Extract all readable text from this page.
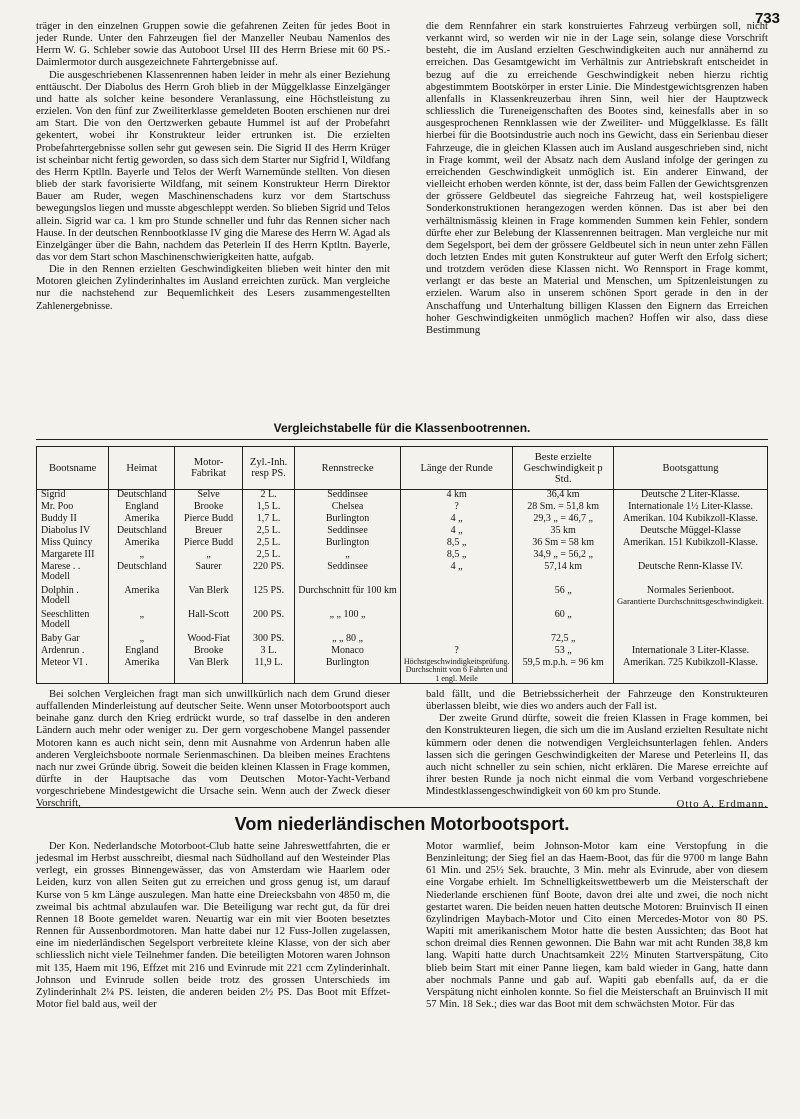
733

träger in den einzelnen Gruppen sowie die gefahrenen Zeiten für jedes Boot in jeder Runde. Unter den Fahrzeugen fiel der Manzeller Neubau Namenlos des Herrn W. G. Schleber sowie das Autoboot Ursel III des Herrn Briese mit 60 PS.-Daimlermotor durch ausgezeichnete Fahrtergebnisse auf.

Die ausgeschriebenen Klassenrennen haben leider in mehr als einer Beziehung enttäuscht. Der Diabolus des Herrn Groh blieb in der Müggelklasse Einzelgänger und hatte als solcher keine besondere Veranlassung, eine Höchstleistung zu erzielen. Von den fünf zur Zweiliterklasse gemeldeten Booten erschienen nur drei am Start. Die von den Oertzwerken gebaute Hummel ist auf der Probefahrt gekentert, wobei ihr Konstrukteur leider ertrunken ist. Die erzielten Probefahrtergebnisse sollen sehr gut gewesen sein. Die Sigrid II des Herrn Krüger ist scheinbar nicht fertig geworden, so dass sich dem Starter nur Sigfrid I, Wildfang des Herrn Kptlln. Bayerle und Telos der Werft Warnemünde stellten. Von diesen blieb der stark favorisierte Wildfang, mit seinem Konstrukteur Herrn Direktor Bauer am Ruder, wegen Maschinenschadens kurz vor dem Startschuss bewegungslos liegen und musste abgeschleppt werden. So blieben Sigrid und Telos allein. Sigrid war ca. 1 km pro Stunde schneller und fuhr das Rennen sicher nach Hause. In der deutschen Rennbootklasse IV ging die Marese des Herrn W. Agad als Einzelgänger über die Bahn, nachdem das Peterlein II des Herrn Kptltn. Bayerle, das vor dem Start schon Maschinenschwierigkeiten hatte, aufgab.

Die in den Rennen erzielten Geschwindigkeiten blieben weit hinter den mit Motoren gleichen Zylinderinhaltes im Ausland erreichten zurück. Man vergleiche nur die nachstehend zur Bequemlichkeit des Lesers zusammengestellten Zahlenergebnisse.

die dem Rennfahrer ein stark konstruiertes Fahrzeug verbürgen soll, nicht verkannt wird, so werden wir nie in der Lage sein, solange diese Vorschrift besteht, die im Ausland erzielten Geschwindigkeiten auch nur annähernd zu erreichen. Das Gesamtgewicht im Verhältnis zur Antriebskraft entscheidet in bezug auf die zu erreichende Geschwindigkeit neben hierzu richtig abgestimmtem Bootskörper in erster Linie. Die Mindestgewichtsgrenzen haben allenfalls in Klassenkreuzerbau ihren Sinn, weil hier der Hauptzweck schliesslich die Tureneigenschaften des Bootes sind, keinesfalls aber in so ausgesprochenen Rennklassen wie der Zweiliter- und Müggelklasse. Es fällt hierbei für die Bootsindustrie auch noch ins Gewicht, dass ein Serienbau dieser Fahrzeuge, die in gleichen Klassen auch im Ausland ausgeschrieben sind, nicht in Frage kommt, weil der Absatz nach dem Ausland infolge der geringen zu erreichenden Geschwindigkeit unmöglich ist. Ein anderer Einwand, der vielleicht erhoben werden könnte, ist der, dass beim Fallen der Gewichtsgrenzen der grössere Geldbeutel das siegreiche Fahrzeug hat, weil kostspieligere Sonderkonstruktionen herangezogen werden können. Das ist aber bei den verhältnismässig kleinen in Frage kommenden Summen kein Fehler, sondern dürfte eher zur Belebung der Klassenrennen beitragen. Man vergleiche nur mit dem Segelsport, bei dem der grössere Geldbeutel sich in neun unter zehn Fällen doch letzten Endes mit guten Konstrukteur auf guter Werft den Erfolg sichert; und trotzdem veröden diese Klassen nicht. Wo Rennsport in Frage kommt, verlangt er das beste an Material und Menschen, um Spitzenleistungen zu erzielen. Warum also in unserem schönen Sport gerade in den in der Anschaffung und Unterhaltung billigen Klassen den Eignern das Erreichen hoher Geschwindigkeiten unmöglich machen? Hoffen wir also, dass diese Bestimmung

Vergleichstabelle für die Klassenbootrennen.
Bootsname	Heimat	Motor-Fabrikat	Zyl.-Inh. resp PS.	Rennstrecke	Länge der Runde	Beste erzielte Geschwindigkeit p Std.	Bootsgattung
Sigrid	Deutschland	Selve	2 L.	Seddinsee	4 km	36,4 km	Deutsche 2 Liter-Klasse.
Mr. Poo	England	Brooke	1,5 L.	Chelsea	?	28 Sm. = 51,8 km	Internationale 1½ Liter-Klasse.
Buddy II	Amerika	Pierce Budd	1,7 L.	Burlington	4 „	29,3 „ = 46,7 „	Amerikan. 104 Kubikzoll-Klasse.
Diabolus IV	Deutschland	Breuer	2,5 L.	Seddinsee	4 „	35 km	Deutsche Müggel-Klasse
Miss Quincy	Amerika	Pierce Budd	2,5 L.	Burlington	8,5 „	36 Sm = 58 km	Amerikan. 151 Kubikzoll-Klasse.
Margarete III	„	„	2,5 L.	„	8,5 „	34,9 „ = 56,2 „	
Marese . . Modell	Deutschland	Saurer	220 PS.	Seddinsee	4 „	57,14 km	Deutsche Renn-Klasse IV.
Dolphin . Modell	Amerika	Van Blerk	125 PS.	Durchschnitt für 100 km		56 „	Normales Serienboot.
Garantierte Durchschnittsgeschwindigkeit.

Seeschlitten Modell	„	Hall-Scott	200 PS.	„ „ 100 „		60 „	
Baby Gar	„	Wood-Fiat	300 PS.	„ „ 80 „		72,5 „	
Ardenrun .	England	Brooke	3 L.	Monaco	?	53 „	Internationale 3 Liter-Klasse.
Meteor VI .	Amerika	Van Blerk	11,9 L.	Burlington	Höchstgeschwindigkeitsprüfung. Durchschnitt von 6 Fahrten und 1 engl. Meile	59,5 m.p.h. = 96 km	Amerikan. 725 Kubikzoll-Klasse.

Bei solchen Vergleichen fragt man sich unwillkürlich nach dem Grund dieser auffallenden Minderleistung auf deutscher Seite. Wenn unser Motorbootsport auch beinahe ganz durch den Krieg erdrückt wurde, so traf dasselbe in den anderen Ländern auch mehr oder weniger zu. Der gern vorgeschobene Mangel passender Motoren kann es auch nicht sein, denn mit Ausnahme von Ardenrun haben alle anderen Vergleichsboote normale Serienmaschinen. Da bleiben meines Erachtens nach nur zwei Gründe übrig. Soweit die beiden kleinen Klassen in Frage kommen, dürfte in der Hauptsache das vom Deutschen Motor-Yacht-Verband vorgeschriebene Mindestgewicht die Ursache sein. Wenn auch der Zweck dieser Vorschrift,

bald fällt, und die Betriebssicherheit der Fahrzeuge den Konstrukteuren überlassen bleibt, wie dies wo anders auch der Fall ist.

Der zweite Grund dürfte, soweit die freien Klassen in Frage kommen, bei den Konstrukteuren liegen, die sich um die im Ausland erzielten Resultate nicht kümmern oder denen die notwendigen Vergleichsunterlagen fehlen. Anders lassen sich die geringen Geschwindigkeiten der Marese und Peterleins II, das auch nicht schneller zu sein schien, nicht erklären. Die Marese erreichte auf ihrer besten Runde ja noch nicht einmal die vom Verband vorgeschriebene Mindestklassengeschwindigkeit von 60 km pro Stunde.

Otto A. Erdmann.
Vom niederländischen Motorbootsport.

Der Kon. Nederlandsche Motorboot-Club hatte seine Jahreswettfahrten, die er jedesmal im Herbst ausschreibt, diesmal nach Südholland auf den Westeinder Plas verlegt, ein grosses Binnengewässer, das von Amsterdam wie Haarlem oder Leiden, kurz von allen Seiten gut zu erreichen und gross genug ist, um darauf Kurse von 5 km Länge auszulegen. Man hatte eine Dreiecksbahn von 4850 m, die zweimal bis achtmal abzulaufen war. Die Beteiligung war recht gut, da für drei Rennen 18 Boote gemeldet waren. Neuartig war ein mit vier Booten besetztes Rennen für Aussenbordmotoren. Man hatte dabei nur 12 Fuss-Jollen zugelassen, eine im niederländischen Segelsport verbreitete kleine Klasse, von der sich aber schliesslich nicht viele Teilnehmer fanden. Die beteiligten Motoren waren Johnson mit 135, Haem mit 196, Effzet mit 216 und Evinrude mit 221 ccm Zylinderinhalt. Johnson und Evinrude sollen beide trotz des grossen Unterschieds im Zylinderinhalt 2¼ PS. leisten, die anderen beiden 2½ PS. Das Boot mit Effzet-Motor fiel bald aus, weil der

Motor warmlief, beim Johnson-Motor kam eine Verstopfung in die Benzinleitung; der Sieg fiel an das Haem-Boot, das für die 9700 m lange Bahn 61 Min. und 25½ Sek. brauchte, 3 Min. mehr als Evinrude, aber von diesem eine Vorgabe erhielt. Im Schnelligkeitswettbewerb um die Meisterschaft der Niederlande erschienen fünf Boote, davon drei alte und zwei, die noch nicht gestartet waren. Die beiden neuen hatten deutsche Motoren: Bruinvisch II einen 6zylindrigen Maybach-Motor und Cito einen Mercedes-Motor von 80 PS. Wapiti mit amerikanischem Motor hatte die besten Aussichten; das Boot hat schon dreimal dies Rennen gewonnen. Die Bahn war mit acht Runden 38,8 km lang. Wapiti hatte durch Unachtsamkeit 22½ Minuten Startverspätung, Cito blieb beim Start mit einer Panne liegen, kam bald wieder in Gang, hatte dann aber nochmals Panne und gab auf. Wapiti gab ebenfalls auf, da er die Verspätung nicht einholen konnte. So fiel die Meisterschaft an Bruinvisch II mit 57 Min. 18 Sek.; dies war das Boot mit dem schwächsten Motor. Für das
